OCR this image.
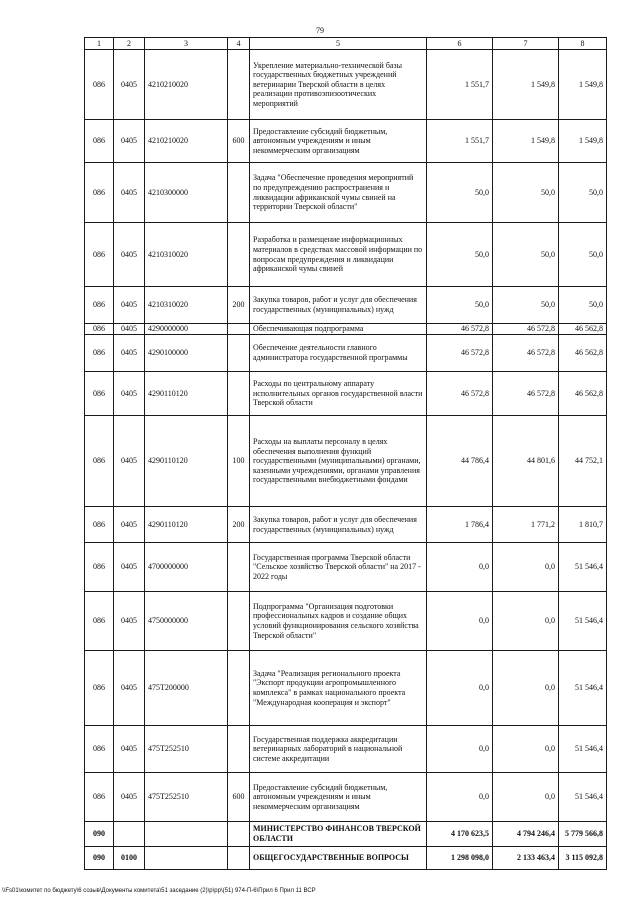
79
1	2	3	4	5	6	7	8
086	0405	4210210020		Укрепление материально-технической базы государственных бюджетных учреждений ветеринарии Тверской области в целях реализации противоэпизоотических мероприятий	1 551,7	1 549,8	1 549,8
086	0405	4210210020	600	Предоставление субсидий бюджетным, автономным учреждениям и иным некоммерческим организациям	1 551,7	1 549,8	1 549,8
086	0405	4210300000		Задача "Обеспечение проведения мероприятий по предупреждению распространения и ликвидации африканской чумы свиней на территории Тверской области"	50,0	50,0	50,0
086	0405	4210310020		Разработка и размещение информационных материалов в средствах массовой информации по вопросам предупреждения и ликвидации африканской чумы свиней	50,0	50,0	50,0
086	0405	4210310020	200	Закупка товаров, работ и услуг для обеспечения государственных (муниципальных) нужд	50,0	50,0	50,0
086	0405	4290000000		Обеспечивающая подпрограмма	46 572,8	46 572,8	46 562,8
086	0405	4290100000		Обеспечение деятельности главного администратора государственной программы	46 572,8	46 572,8	46 562,8
086	0405	4290110120		Расходы по центральному аппарату исполнительных органов государственной власти Тверской области	46 572,8	46 572,8	46 562,8
086	0405	4290110120	100	Расходы на выплаты персоналу в целях обеспечения выполнения функций государственными (муниципальными) органами, казенными учреждениями, органами управления государственными внебюджетными фондами	44 786,4	44 801,6	44 752,1
086	0405	4290110120	200	Закупка товаров, работ и услуг для обеспечения государственных (муниципальных) нужд	1 786,4	1 771,2	1 810,7
086	0405	4700000000		Государственная программа Тверской области "Сельское хозяйство Тверской области" на 2017 - 2022 годы	0,0	0,0	51 546,4
086	0405	4750000000		Подпрограмма "Организация подготовки профессиональных кадров и создание общих условий функционирования сельского хозяйства Тверской области"	0,0	0,0	51 546,4
086	0405	475T200000		Задача "Реализация регионального проекта "Экспорт продукции агропромышленного комплекса" в рамках национального проекта "Международная кооперация и экспорт"	0,0	0,0	51 546,4
086	0405	475T252510		Государственная поддержка аккредитации ветеринарных лабораторий в национальной системе аккредитации	0,0	0,0	51 546,4
086	0405	475T252510	600	Предоставление субсидий бюджетным, автономным учреждениям и иным некоммерческим организациям	0,0	0,0	51 546,4
090				МИНИСТЕРСТВО ФИНАНСОВ ТВЕРСКОЙ ОБЛАСТИ	4 170 623,5	4 794 246,4	5 779 566,8
090	0100			ОБЩЕГОСУДАРСТВЕННЫЕ ВОПРОСЫ	1 298 098,0	2 133 463,4	3 115 092,8
\\Fs01\комитет по бюджету\6 созыв\Документы комитета\51 заседание (2)\p\pp\(51) 974-П-6\Прил 6 Прил 11 ВСР
